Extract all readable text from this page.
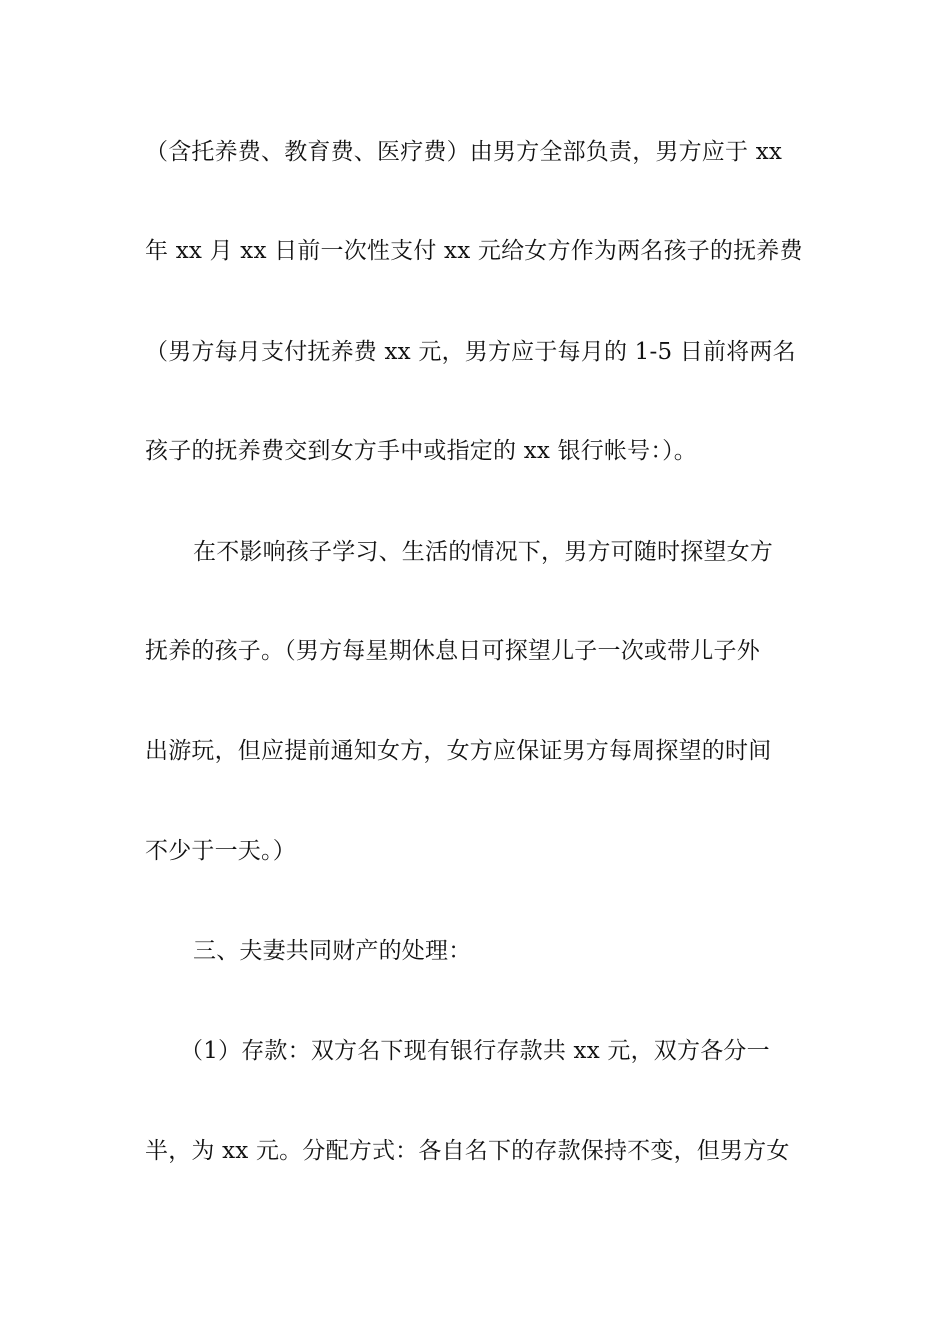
（含托养费、教育费、医疗费）由男方全部负责，男方应于 xx
年 xx 月 xx 日前一次性支付 xx 元给女方作为两名孩子的抚养费
（男方每月支付抚养费 xx 元，男方应于每月的 1-5 日前将两名
孩子的抚养费交到女方手中或指定的 xx 银行帐号：）。
在不影响孩子学习、生活的情况下，男方可随时探望女方
抚养的孩子。（男方每星期休息日可探望儿子一次或带儿子外
出游玩，但应提前通知女方，女方应保证男方每周探望的时间
不少于一天。）
三、夫妻共同财产的处理：
（1）存款：双方名下现有银行存款共 xx 元，双方各分一
半，为 xx 元。分配方式：各自名下的存款保持不变，但男方女
